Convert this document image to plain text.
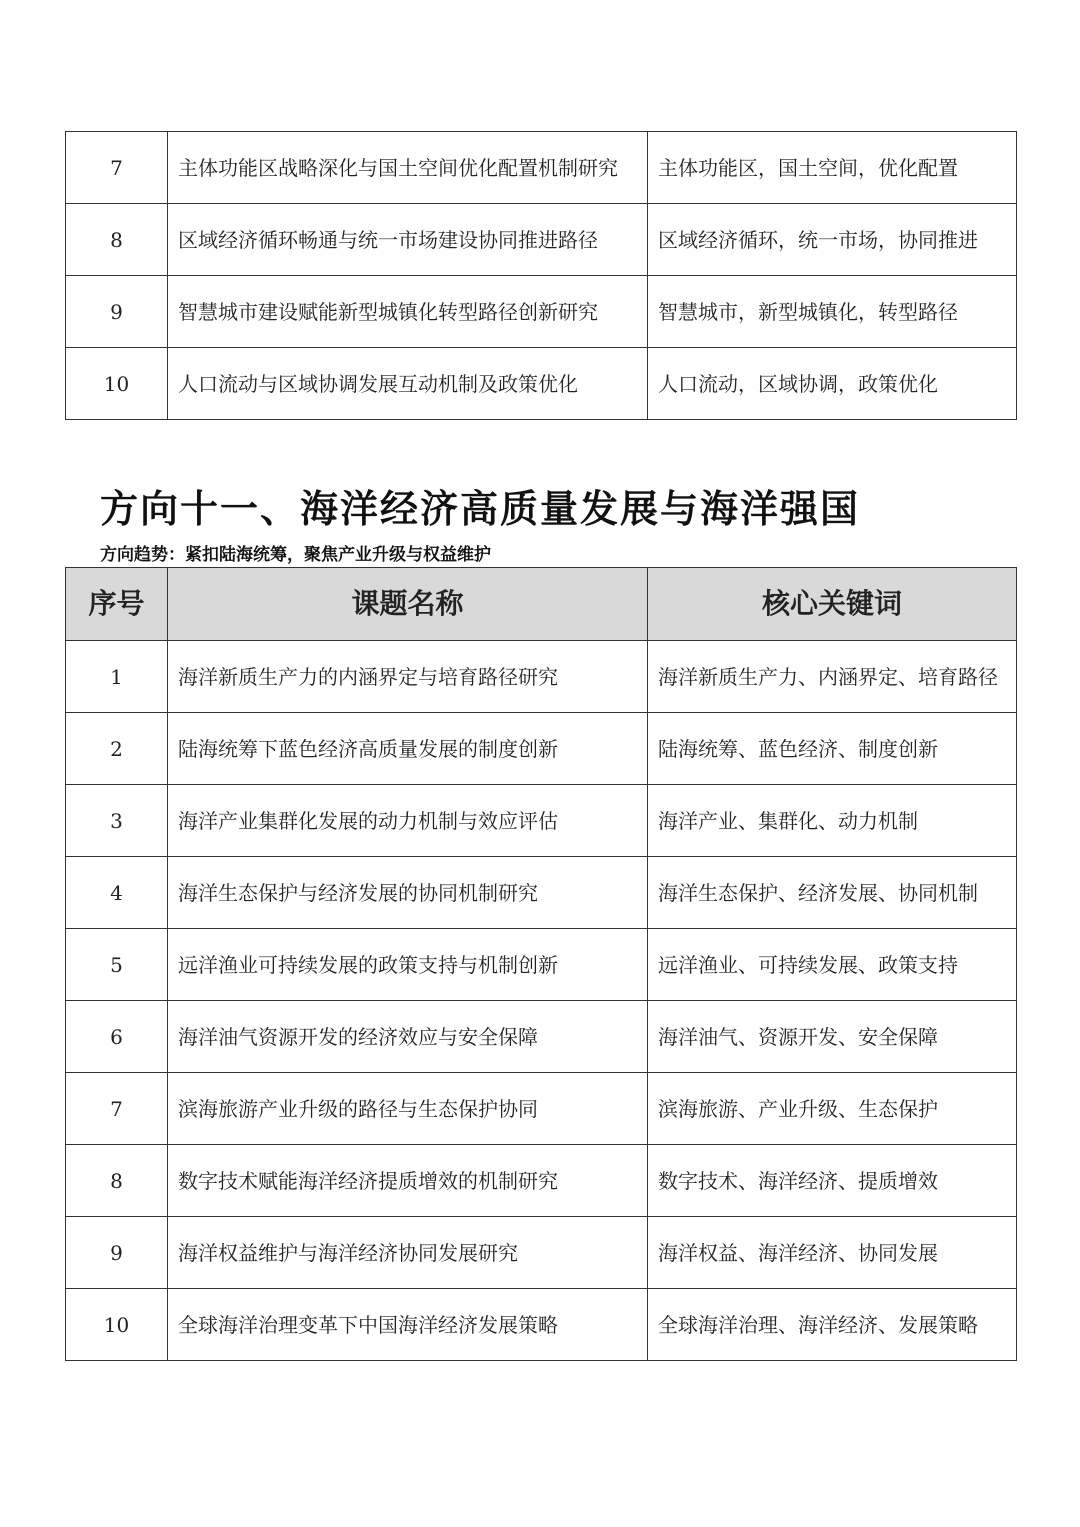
7	主体功能区战略深化与国土空间优化配置机制研究	主体功能区，国土空间，优化配置
8	区域经济循环畅通与统一市场建设协同推进路径	区域经济循环，统一市场，协同推进
9	智慧城市建设赋能新型城镇化转型路径创新研究	智慧城市，新型城镇化，转型路径
10	人口流动与区域协调发展互动机制及政策优化	人口流动，区域协调，政策优化
方向十一、海洋经济高质量发展与海洋强国

方向趋势：紧扣陆海统筹，聚焦产业升级与权益维护

序号	课题名称	核心关键词
1	海洋新质生产力的内涵界定与培育路径研究	海洋新质生产力、内涵界定、培育路径
2	陆海统筹下蓝色经济高质量发展的制度创新	陆海统筹、蓝色经济、制度创新
3	海洋产业集群化发展的动力机制与效应评估	海洋产业、集群化、动力机制
4	海洋生态保护与经济发展的协同机制研究	海洋生态保护、经济发展、协同机制
5	远洋渔业可持续发展的政策支持与机制创新	远洋渔业、可持续发展、政策支持
6	海洋油气资源开发的经济效应与安全保障	海洋油气、资源开发、安全保障
7	滨海旅游产业升级的路径与生态保护协同	滨海旅游、产业升级、生态保护
8	数字技术赋能海洋经济提质增效的机制研究	数字技术、海洋经济、提质增效
9	海洋权益维护与海洋经济协同发展研究	海洋权益、海洋经济、协同发展
10	全球海洋治理变革下中国海洋经济发展策略	全球海洋治理、海洋经济、发展策略
